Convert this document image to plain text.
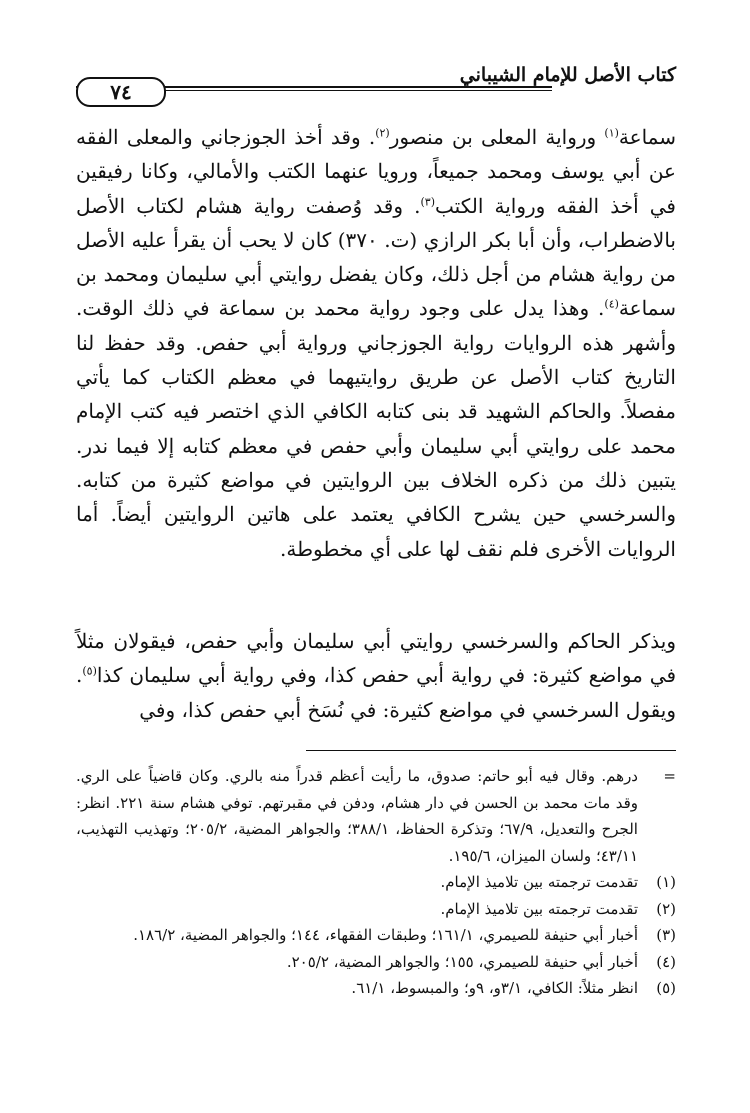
كتاب الأصل للإمام الشيباني
٧٤
سماعة$^{(١)}$ ورواية المعلى بن منصور$^{(٢)}$. وقد أخذ الجوزجاني والمعلى الفقه عن أبي يوسف ومحمد جميعاً، ورويا عنهما الكتب والأمالي، وكانا رفيقين في أخذ الفقه ورواية الكتب$^{(٣)}$. وقد وُصفت رواية هشام لكتاب الأصل بالاضطراب، وأن أبا بكر الرازي (ت. ٣٧٠) كان لا يحب أن يقرأ عليه الأصل من رواية هشام من أجل ذلك، وكان يفضل روايتي أبي سليمان ومحمد بن سماعة$^{(٤)}$. وهذا يدل على وجود رواية محمد بن سماعة في ذلك الوقت. وأشهر هذه الروايات رواية الجوزجاني ورواية أبي حفص. وقد حفظ لنا التاريخ كتاب الأصل عن طريق روايتيهما في معظم الكتاب كما يأتي مفصلاً. والحاكم الشهيد قد بنى كتابه الكافي الذي اختصر فيه كتب الإمام محمد على روايتي أبي سليمان وأبي حفص في معظم كتابه إلا فيما ندر. يتبين ذلك من ذكره الخلاف بين الروايتين في مواضع كثيرة من كتابه. والسرخسي حين يشرح الكافي يعتمد على هاتين الروايتين أيضاً. أما الروايات الأخرى فلم نقف لها على أي مخطوطة.
ويذكر الحاكم والسرخسي روايتي أبي سليمان وأبي حفص، فيقولان مثلاً في مواضع كثيرة: في رواية أبي حفص كذا، وفي رواية أبي سليمان كذا$^{(٥)}$. ويقول السرخسي في مواضع كثيرة: في نُسَخ أبي حفص كذا، وفي
=
درهم. وقال فيه أبو حاتم: صدوق، ما رأيت أعظم قدراً منه بالري. وكان قاضياً على الري. وقد مات محمد بن الحسن في دار هشام، ودفن في مقبرتهم. توفي هشام سنة ٢٢١. انظر: الجرح والتعديل، ٦٧/٩؛ وتذكرة الحفاظ، ٣٨٨/١؛ والجواهر المضية، ٢٠٥/٢؛ وتهذيب التهذيب، ٤٣/١١؛ ولسان الميزان، ١٩٥/٦.
(١)
تقدمت ترجمته بين تلاميذ الإمام.
(٢)
تقدمت ترجمته بين تلاميذ الإمام.
(٣)
أخبار أبي حنيفة للصيمري، ١٦١/١؛ وطبقات الفقهاء، ١٤٤؛ والجواهر المضية، ١٨٦/٢.
(٤)
أخبار أبي حنيفة للصيمري، ١٥٥؛ والجواهر المضية، ٢٠٥/٢.
(٥)
انظر مثلاً: الكافي، ٣/١و، ٩و؛ والمبسوط، ٦١/١.
